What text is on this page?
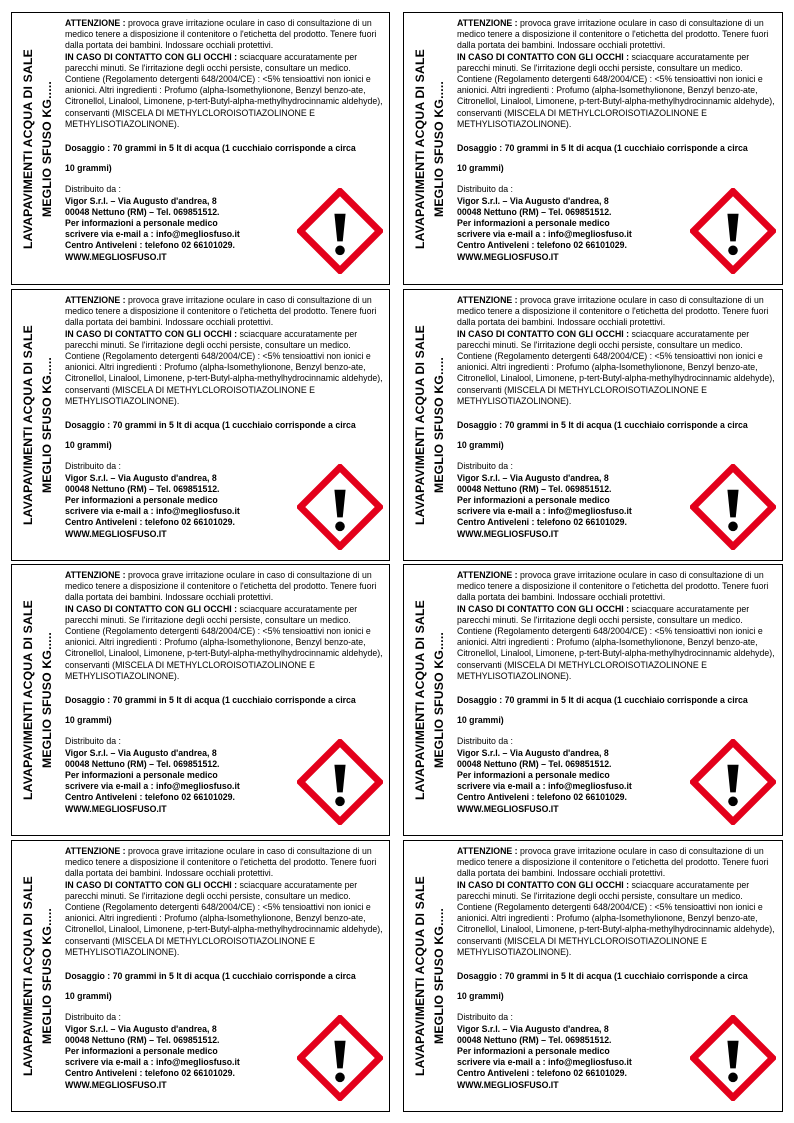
LAVAPAVIMENTI ACQUA DI SALE MEGLIO SFUSO KG.....

ATTENZIONE : provoca grave irritazione oculare in caso di consultazione di un medico tenere a disposizione il contenitore o l'etichetta del prodotto. Tenere fuori dalla portata dei bambini. Indossare occhiali protettivi.

IN CASO DI CONTATTO CON GLI OCCHI : sciacquare accuratamente per parecchi minuti. Se l'irritazione degli occhi persiste, consultare un medico.

Contiene (Regolamento detergenti 648/2004/CE) : <5% tensioattivi non ionici e anionici. Altri ingredienti : Profumo (alpha-Isomethylionone, Benzyl benzo-ate, Citronellol, Linalool, Limonene, p-tert-Butyl-alpha-methylhydrocinnamic aldehyde), conservanti (MISCELA DI METHYLCLOROISOTIAZOLINONE E METHYLISOTIAZOLINONE).

Dosaggio : 70 grammi in 5 lt di acqua (1 cucchiaio corrisponde a circa

10 grammi)

Distribuito da :

Vigor S.r.l. – Via Augusto d'andrea, 8

00048 Nettuno (RM) – Tel. 069851512.

Per informazioni a personale medico

scrivere via e-mail a : info@megliosfuso.it

Centro Antiveleni : telefono 02 66101029.

WWW.MEGLIOSFUSO.IT

LAVAPAVIMENTI ACQUA DI SALE MEGLIO SFUSO KG.....

ATTENZIONE : provoca grave irritazione oculare in caso di consultazione di un medico tenere a disposizione il contenitore o l'etichetta del prodotto. Tenere fuori dalla portata dei bambini. Indossare occhiali protettivi.

IN CASO DI CONTATTO CON GLI OCCHI : sciacquare accuratamente per parecchi minuti. Se l'irritazione degli occhi persiste, consultare un medico.

Contiene (Regolamento detergenti 648/2004/CE) : <5% tensioattivi non ionici e anionici. Altri ingredienti : Profumo (alpha-Isomethylionone, Benzyl benzo-ate, Citronellol, Linalool, Limonene, p-tert-Butyl-alpha-methylhydrocinnamic aldehyde), conservanti (MISCELA DI METHYLCLOROISOTIAZOLINONE E METHYLISOTIAZOLINONE).

Dosaggio : 70 grammi in 5 lt di acqua (1 cucchiaio corrisponde a circa

10 grammi)

Distribuito da :

Vigor S.r.l. – Via Augusto d'andrea, 8

00048 Nettuno (RM) – Tel. 069851512.

Per informazioni a personale medico

scrivere via e-mail a : info@megliosfuso.it

Centro Antiveleni : telefono 02 66101029.

WWW.MEGLIOSFUSO.IT

LAVAPAVIMENTI ACQUA DI SALE MEGLIO SFUSO KG.....

ATTENZIONE : provoca grave irritazione oculare in caso di consultazione di un medico tenere a disposizione il contenitore o l'etichetta del prodotto. Tenere fuori dalla portata dei bambini. Indossare occhiali protettivi.

IN CASO DI CONTATTO CON GLI OCCHI : sciacquare accuratamente per parecchi minuti. Se l'irritazione degli occhi persiste, consultare un medico.

Contiene (Regolamento detergenti 648/2004/CE) : <5% tensioattivi non ionici e anionici. Altri ingredienti : Profumo (alpha-Isomethylionone, Benzyl benzo-ate, Citronellol, Linalool, Limonene, p-tert-Butyl-alpha-methylhydrocinnamic aldehyde), conservanti (MISCELA DI METHYLCLOROISOTIAZOLINONE E METHYLISOTIAZOLINONE).

Dosaggio : 70 grammi in 5 lt di acqua (1 cucchiaio corrisponde a circa

10 grammi)

Distribuito da :

Vigor S.r.l. – Via Augusto d'andrea, 8

00048 Nettuno (RM) – Tel. 069851512.

Per informazioni a personale medico

scrivere via e-mail a : info@megliosfuso.it

Centro Antiveleni : telefono 02 66101029.

WWW.MEGLIOSFUSO.IT

LAVAPAVIMENTI ACQUA DI SALE MEGLIO SFUSO KG.....

ATTENZIONE : provoca grave irritazione oculare in caso di consultazione di un medico tenere a disposizione il contenitore o l'etichetta del prodotto. Tenere fuori dalla portata dei bambini. Indossare occhiali protettivi.

IN CASO DI CONTATTO CON GLI OCCHI : sciacquare accuratamente per parecchi minuti. Se l'irritazione degli occhi persiste, consultare un medico.

Contiene (Regolamento detergenti 648/2004/CE) : <5% tensioattivi non ionici e anionici. Altri ingredienti : Profumo (alpha-Isomethylionone, Benzyl benzo-ate, Citronellol, Linalool, Limonene, p-tert-Butyl-alpha-methylhydrocinnamic aldehyde), conservanti (MISCELA DI METHYLCLOROISOTIAZOLINONE E METHYLISOTIAZOLINONE).

Dosaggio : 70 grammi in 5 lt di acqua (1 cucchiaio corrisponde a circa

10 grammi)

Distribuito da :

Vigor S.r.l. – Via Augusto d'andrea, 8

00048 Nettuno (RM) – Tel. 069851512.

Per informazioni a personale medico

scrivere via e-mail a : info@megliosfuso.it

Centro Antiveleni : telefono 02 66101029.

WWW.MEGLIOSFUSO.IT

LAVAPAVIMENTI ACQUA DI SALE MEGLIO SFUSO KG.....

ATTENZIONE : provoca grave irritazione oculare in caso di consultazione di un medico tenere a disposizione il contenitore o l'etichetta del prodotto. Tenere fuori dalla portata dei bambini. Indossare occhiali protettivi.

IN CASO DI CONTATTO CON GLI OCCHI : sciacquare accuratamente per parecchi minuti. Se l'irritazione degli occhi persiste, consultare un medico.

Contiene (Regolamento detergenti 648/2004/CE) : <5% tensioattivi non ionici e anionici. Altri ingredienti : Profumo (alpha-Isomethylionone, Benzyl benzo-ate, Citronellol, Linalool, Limonene, p-tert-Butyl-alpha-methylhydrocinnamic aldehyde), conservanti (MISCELA DI METHYLCLOROISOTIAZOLINONE E METHYLISOTIAZOLINONE).

Dosaggio : 70 grammi in 5 lt di acqua (1 cucchiaio corrisponde a circa

10 grammi)

Distribuito da :

Vigor S.r.l. – Via Augusto d'andrea, 8

00048 Nettuno (RM) – Tel. 069851512.

Per informazioni a personale medico

scrivere via e-mail a : info@megliosfuso.it

Centro Antiveleni : telefono 02 66101029.

WWW.MEGLIOSFUSO.IT

LAVAPAVIMENTI ACQUA DI SALE MEGLIO SFUSO KG.....

ATTENZIONE : provoca grave irritazione oculare in caso di consultazione di un medico tenere a disposizione il contenitore o l'etichetta del prodotto. Tenere fuori dalla portata dei bambini. Indossare occhiali protettivi.

IN CASO DI CONTATTO CON GLI OCCHI : sciacquare accuratamente per parecchi minuti. Se l'irritazione degli occhi persiste, consultare un medico.

Contiene (Regolamento detergenti 648/2004/CE) : <5% tensioattivi non ionici e anionici. Altri ingredienti : Profumo (alpha-Isomethylionone, Benzyl benzo-ate, Citronellol, Linalool, Limonene, p-tert-Butyl-alpha-methylhydrocinnamic aldehyde), conservanti (MISCELA DI METHYLCLOROISOTIAZOLINONE E METHYLISOTIAZOLINONE).

Dosaggio : 70 grammi in 5 lt di acqua (1 cucchiaio corrisponde a circa

10 grammi)

Distribuito da :

Vigor S.r.l. – Via Augusto d'andrea, 8

00048 Nettuno (RM) – Tel. 069851512.

Per informazioni a personale medico

scrivere via e-mail a : info@megliosfuso.it

Centro Antiveleni : telefono 02 66101029.

WWW.MEGLIOSFUSO.IT

LAVAPAVIMENTI ACQUA DI SALE MEGLIO SFUSO KG.....

ATTENZIONE : provoca grave irritazione oculare in caso di consultazione di un medico tenere a disposizione il contenitore o l'etichetta del prodotto. Tenere fuori dalla portata dei bambini. Indossare occhiali protettivi.

IN CASO DI CONTATTO CON GLI OCCHI : sciacquare accuratamente per parecchi minuti. Se l'irritazione degli occhi persiste, consultare un medico.

Contiene (Regolamento detergenti 648/2004/CE) : <5% tensioattivi non ionici e anionici. Altri ingredienti : Profumo (alpha-Isomethylionone, Benzyl benzo-ate, Citronellol, Linalool, Limonene, p-tert-Butyl-alpha-methylhydrocinnamic aldehyde), conservanti (MISCELA DI METHYLCLOROISOTIAZOLINONE E METHYLISOTIAZOLINONE).

Dosaggio : 70 grammi in 5 lt di acqua (1 cucchiaio corrisponde a circa

10 grammi)

Distribuito da :

Vigor S.r.l. – Via Augusto d'andrea, 8

00048 Nettuno (RM) – Tel. 069851512.

Per informazioni a personale medico

scrivere via e-mail a : info@megliosfuso.it

Centro Antiveleni : telefono 02 66101029.

WWW.MEGLIOSFUSO.IT

LAVAPAVIMENTI ACQUA DI SALE MEGLIO SFUSO KG.....

ATTENZIONE : provoca grave irritazione oculare in caso di consultazione di un medico tenere a disposizione il contenitore o l'etichetta del prodotto. Tenere fuori dalla portata dei bambini. Indossare occhiali protettivi.

IN CASO DI CONTATTO CON GLI OCCHI : sciacquare accuratamente per parecchi minuti. Se l'irritazione degli occhi persiste, consultare un medico.

Contiene (Regolamento detergenti 648/2004/CE) : <5% tensioattivi non ionici e anionici. Altri ingredienti : Profumo (alpha-Isomethylionone, Benzyl benzo-ate, Citronellol, Linalool, Limonene, p-tert-Butyl-alpha-methylhydrocinnamic aldehyde), conservanti (MISCELA DI METHYLCLOROISOTIAZOLINONE E METHYLISOTIAZOLINONE).

Dosaggio : 70 grammi in 5 lt di acqua (1 cucchiaio corrisponde a circa

10 grammi)

Distribuito da :

Vigor S.r.l. – Via Augusto d'andrea, 8

00048 Nettuno (RM) – Tel. 069851512.

Per informazioni a personale medico

scrivere via e-mail a : info@megliosfuso.it

Centro Antiveleni : telefono 02 66101029.

WWW.MEGLIOSFUSO.IT
